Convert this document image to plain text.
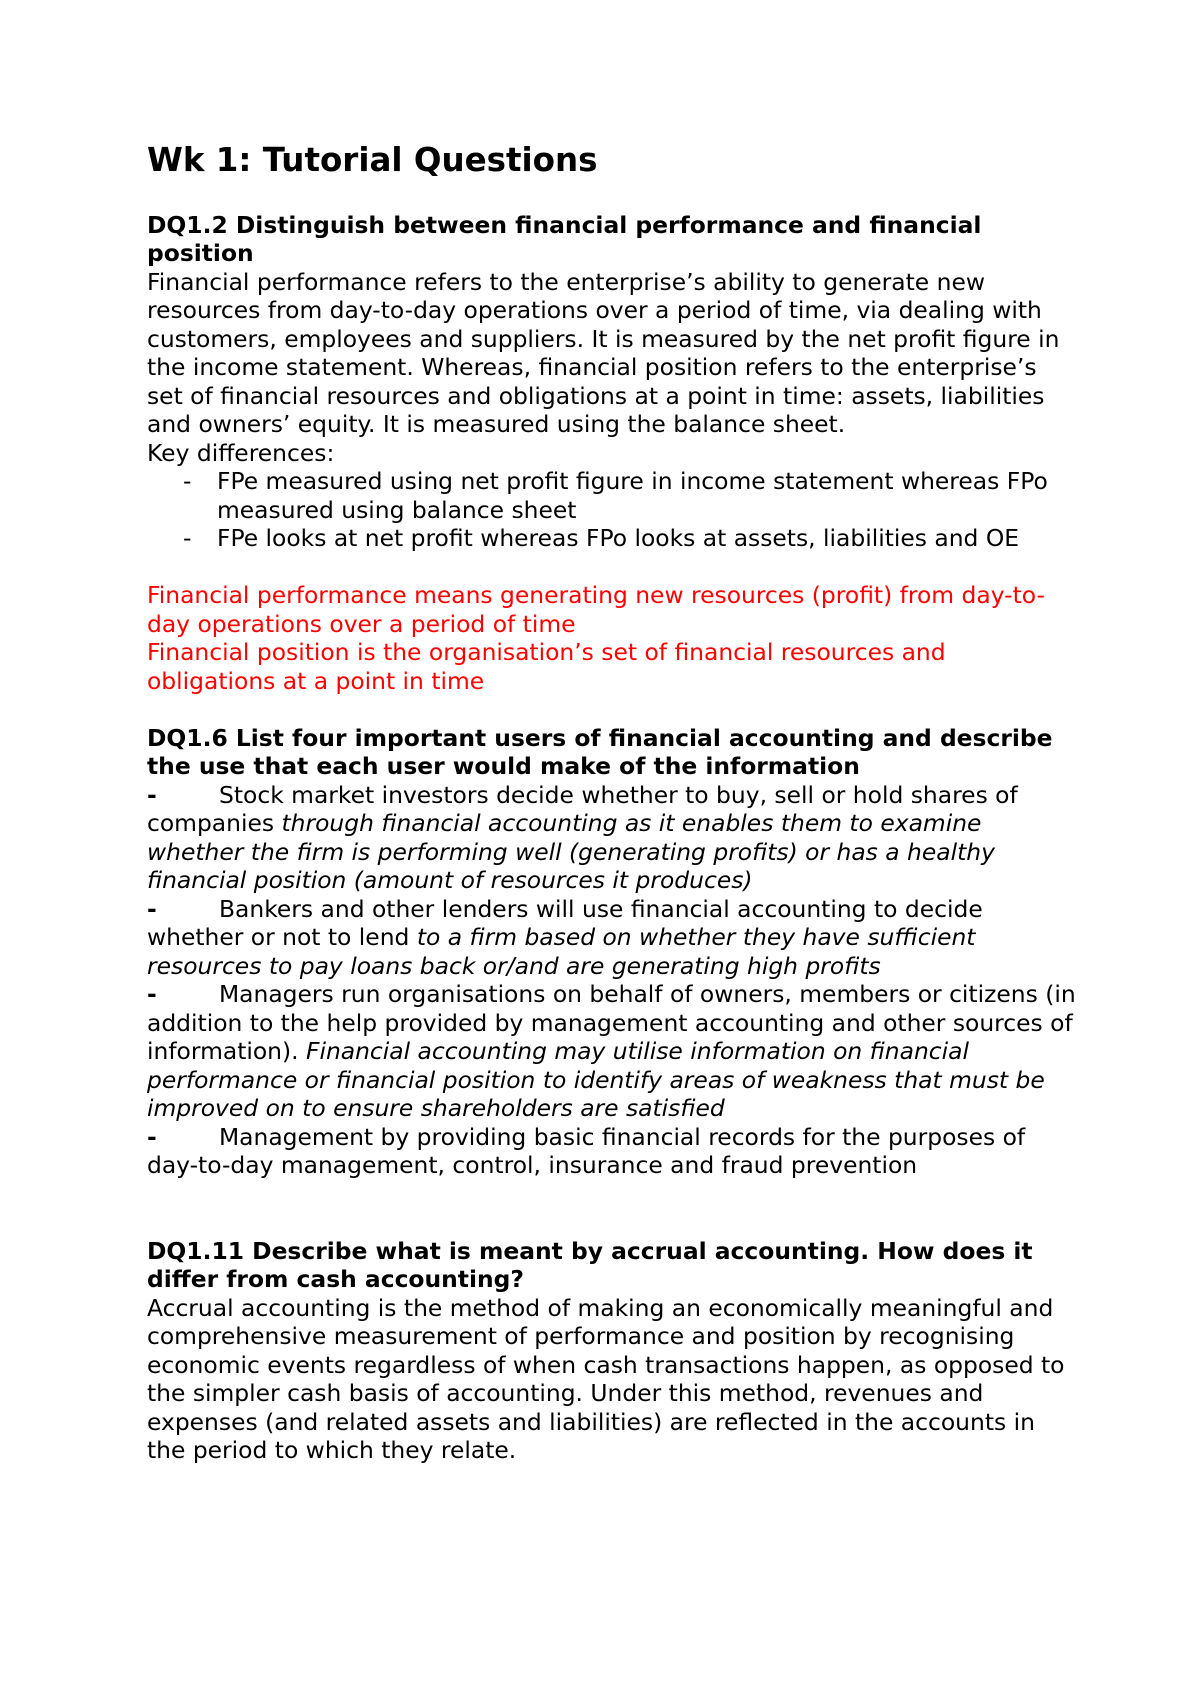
Wk 1: Tutorial Questions

DQ1.2 Distinguish between financial performance and financial position

Financial performance refers to the enterprise’s ability to generate new resources from day-to-day operations over a period of time, via dealing with customers, employees and suppliers. It is measured by the net profit figure in the income statement. Whereas, financial position refers to the enterprise’s set of financial resources and obligations at a point in time: assets, liabilities and owners’ equity. It is measured using the balance sheet.

Key differences:

- FPe measured using net profit figure in income statement whereas FPo measured using balance sheet
- FPe looks at net profit whereas FPo looks at assets, liabilities and OE

Financial performance means generating new resources (profit) from day-to-day operations over a period of time

Financial position is the organisation’s set of financial resources and obligations at a point in time

DQ1.6 List four important users of financial accounting and describe the use that each user would make of the information

-	Stock market investors decide whether to buy, sell or hold shares of companies through financial accounting as it enables them to examine whether the firm is performing well (generating profits) or has a healthy financial position (amount of resources it produces)
-	Bankers and other lenders will use financial accounting to decide whether or not to lend to a firm based on whether they have sufficient resources to pay loans back or/and are generating high profits
-	Managers run organisations on behalf of owners, members or citizens (in addition to the help provided by management accounting and other sources of information). Financial accounting may utilise information on financial performance or financial position to identify areas of weakness that must be improved on to ensure shareholders are satisfied
-	Management by providing basic financial records for the purposes of day-to-day management, control, insurance and fraud prevention

DQ1.11 Describe what is meant by accrual accounting. How does it differ from cash accounting?

Accrual accounting is the method of making an economically meaningful and comprehensive measurement of performance and position by recognising economic events regardless of when cash transactions happen, as opposed to the simpler cash basis of accounting. Under this method, revenues and expenses (and related assets and liabilities) are reflected in the accounts in the period to which they relate.
